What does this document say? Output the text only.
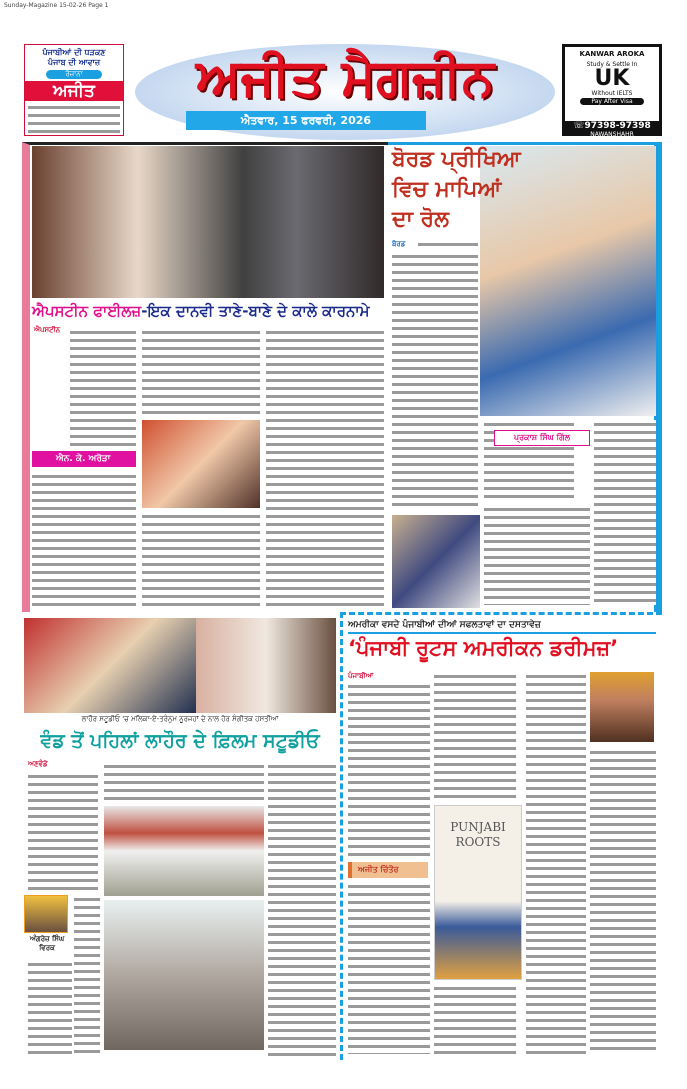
Sunday-Magazine 15-02-26 Page 1
ਪੰਜਾਬੀਆਂ ਦੀ ਧੜਕਣ
ਪੰਜਾਬ ਦੀ ਆਵਾਜ਼
ਰੋਜ਼ਾਨਾ
ਅਜੀਤ	ਅਜੀਤ ਮੈਗਜ਼ੀਨ
ਐਤਵਾਰ, 15 ਫਰਵਰੀ, 2026
KANWAR AROKA
Study & Settle In
UK
Without IELTS
Pay After Visa
☏97398-97398
NAWANSHAHR
ਐਪਸਟੀਨ ਫਾਈਲਜ਼-ਇਕ ਦਾਨਵੀ ਤਾਣੇ-ਬਾਣੇ ਦੇ ਕਾਲੇ ਕਾਰਨਾਮੇ
ਐਪਸਟੀਨ
ਐਨ. ਕੇ. ਅਰੋੜਾ
ਬੋਰਡ ਪ੍ਰੀਖਿਆ
ਵਿਚ ਮਾਪਿਆਂ
ਦਾ ਰੋਲ
ਬੋਰਡ
ਪ੍ਰਕਾਸ਼ ਸਿੰਘ ਗਿੱਲ
ਲਾਹੌਰ ਸਟੂਡੀਓ 'ਚ ਮਲਿਕਾ-ਏ-ਤਰੰਨੁਮ ਨੂਰਜਹਾਂ ਦੇ ਨਾਲ ਹੋਰ ਸੰਗੀਤਕ ਹਸਤੀਆਂ
ਵੰਡ ਤੋਂ ਪਹਿਲਾਂ ਲਾਹੌਰ ਦੇ ਫ਼ਿਲਮ ਸਟੂਡੀਓ
ਅਣਵੰਡੇ
ਅੰਗਰੇਜ਼ ਸਿੰਘ ਵਿਰਕ
ਅਮਰੀਕਾ ਵਸਦੇ ਪੰਜਾਬੀਆਂ ਦੀਆਂ ਸਫਲਤਾਵਾਂ ਦਾ ਦਸਤਾਵੇਜ਼
‘ਪੰਜਾਬੀ ਰੂਟਸ ਅਮਰੀਕਨ ਡਰੀਮਜ਼’
ਪੰਜਾਬੀਆਂ
ਅਜੀਤ ਚਿੱਤੌਰ
PUNJABI ROOTS
